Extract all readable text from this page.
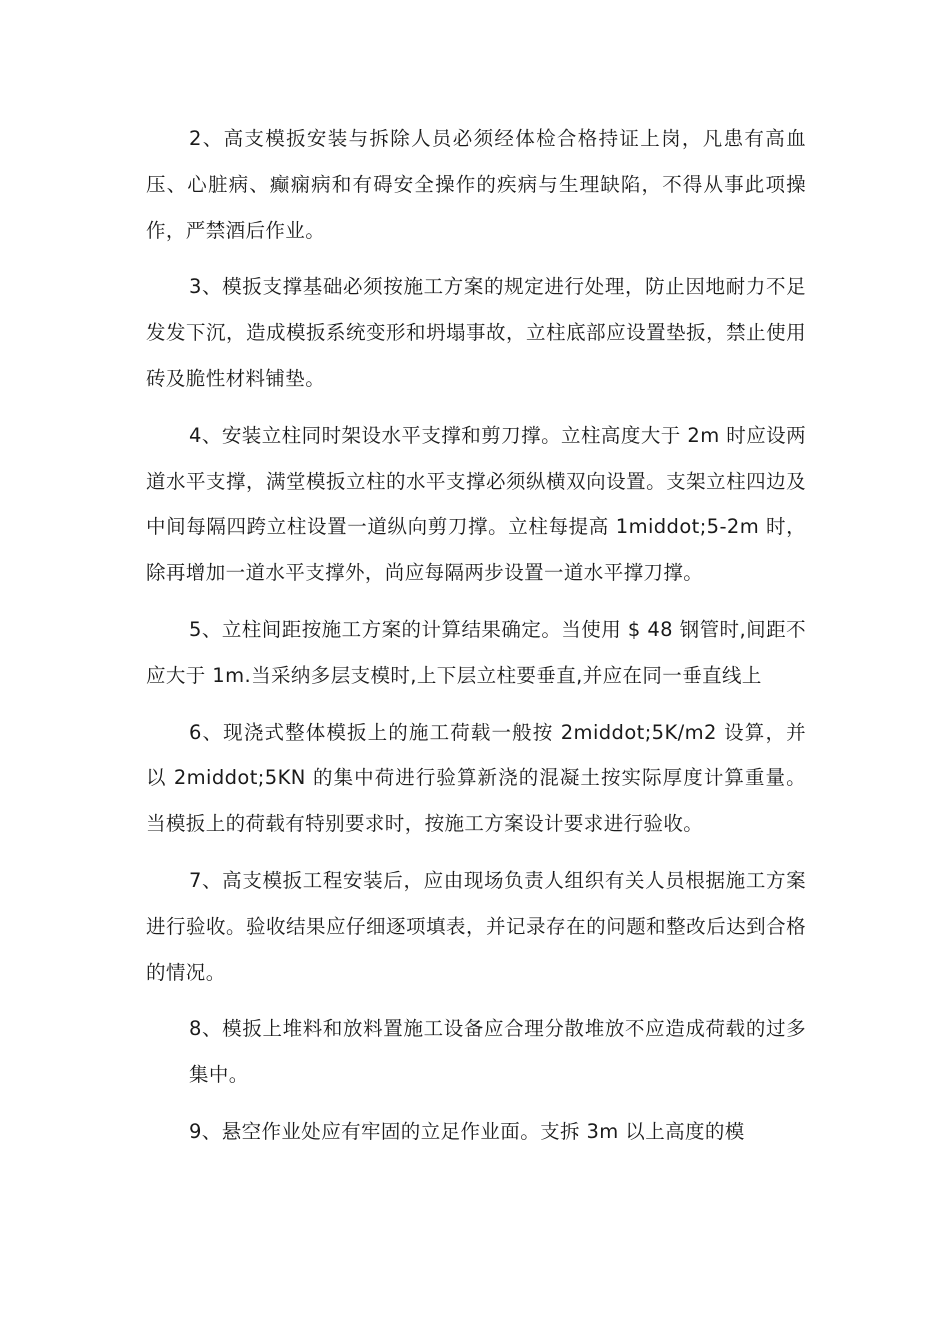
2、高支模扳安装与拆除人员必须经体检合格持证上岗，凡患有高血压、心脏病、癫痫病和有碍安全操作的疾病与生理缺陷，不得从事此项操作，严禁酒后作业。

3、模扳支撑基础必须按施工方案的规定进行处理，防止因地耐力不足发发下沉，造成模扳系统变形和坍塌事故，立柱底部应设置垫扳，禁止使用砖及脆性材料铺垫。

4、安装立柱同时架设水平支撑和剪刀撑。立柱高度大于 2m 时应设两道水平支撑，满堂模扳立柱的水平支撑必须纵横双向设置。支架立柱四边及中间每隔四跨立柱设置一道纵向剪刀撑。立柱每提高 1middot;5-2m 时，除再增加一道水平支撑外，尚应每隔两步设置一道水平撑刀撑。

5、立柱间距按施工方案的计算结果确定。当使用 $ 48 钢管时,间距不应大于 1m.当采纳多层支模时,上下层立柱要垂直,并应在同一垂直线上

6、现浇式整体模扳上的施工荷载一般按 2middot;5K/m2 设算，并以 2middot;5KN 的集中荷进行验算新浇的混凝土按实际厚度计算重量。当模扳上的荷载有特别要求时，按施工方案设计要求进行验收。

7、高支模扳工程安装后，应由现场负责人组织有关人员根据施工方案进行验收。验收结果应仔细逐项填表，并记录存在的问题和整改后达到合格的情况。

8、模扳上堆料和放料置施工设备应合理分散堆放不应造成荷载的过多集中。

9、悬空作业处应有牢固的立足作业面。支拆 3m 以上高度的模
